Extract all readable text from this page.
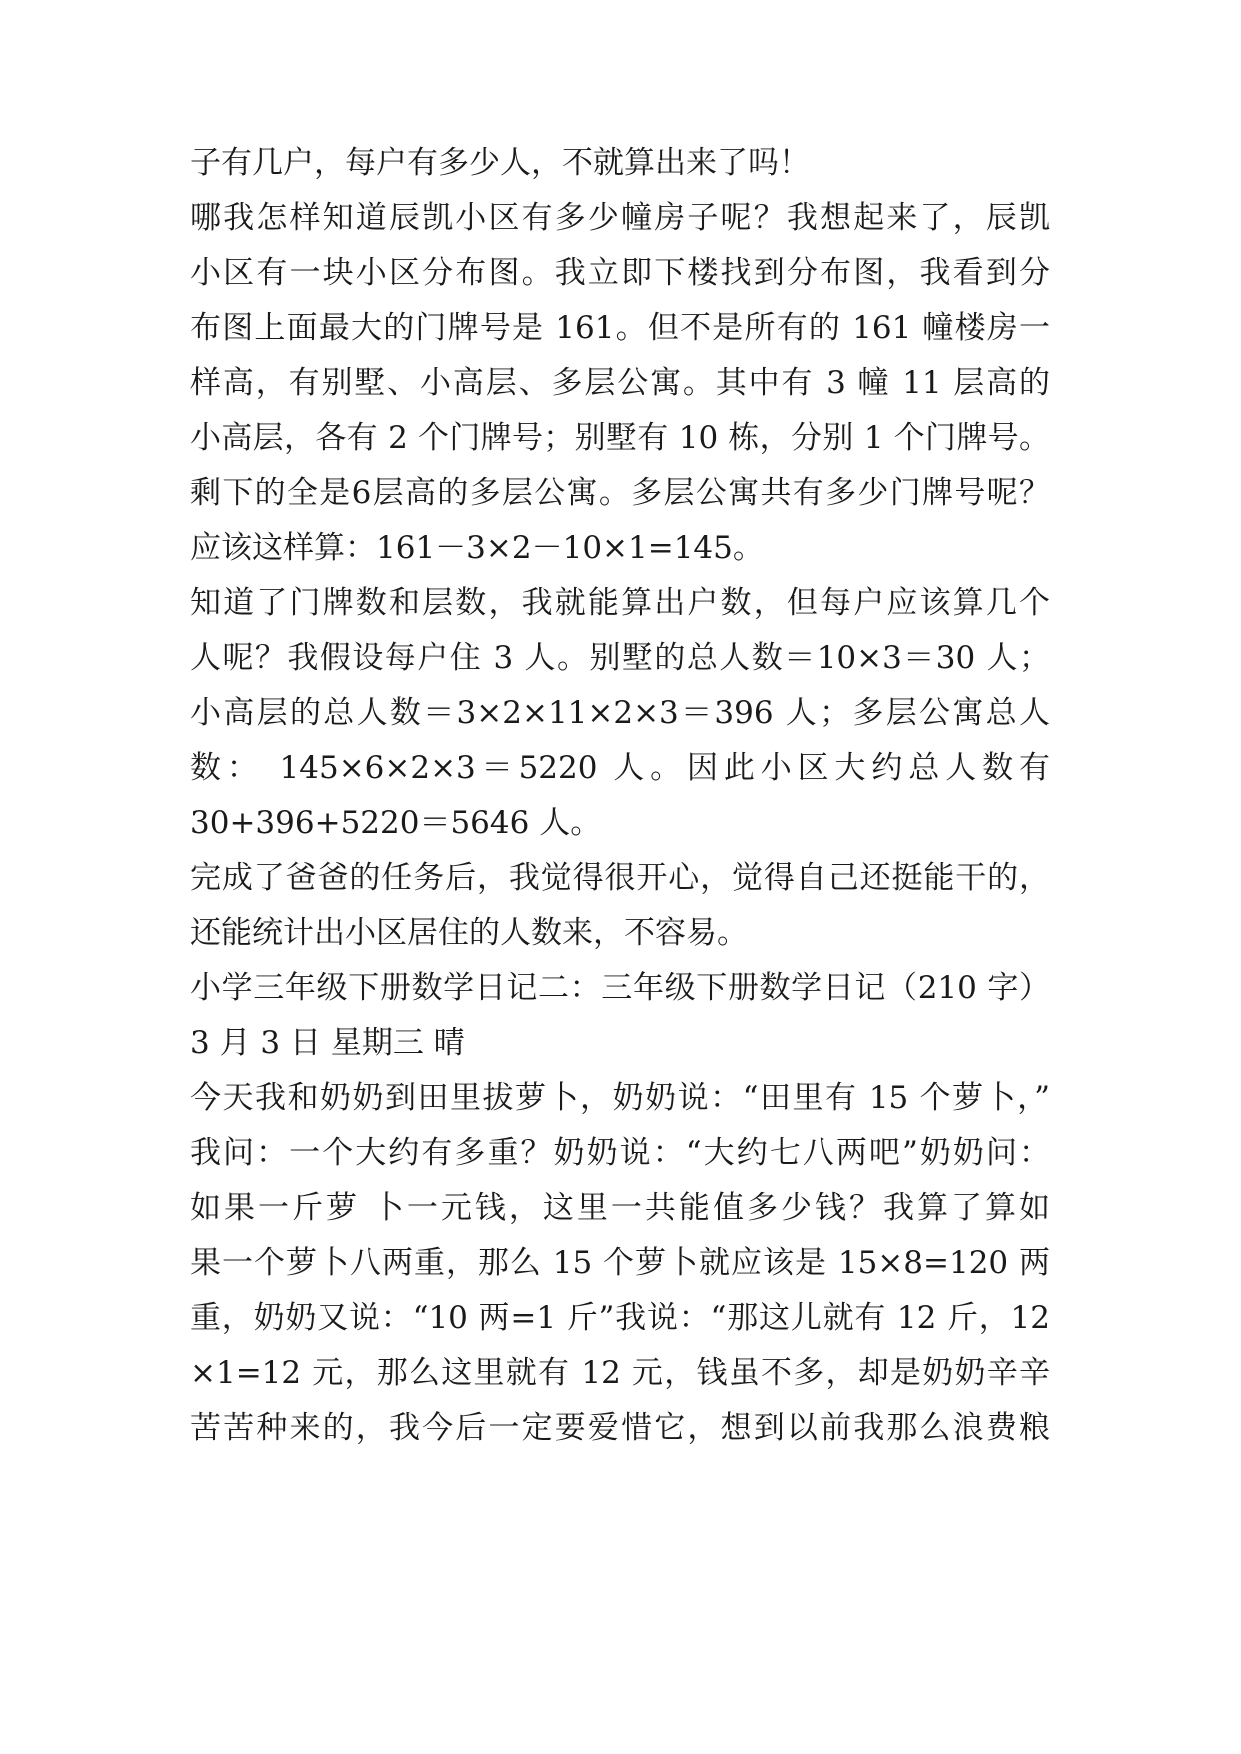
子有几户，每户有多少人，不就算出来了吗！
哪我怎样知道辰凯小区有多少幢房子呢？我想起来了，辰凯
小区有一块小区分布图。我立即下楼找到分布图，我看到分
布图上面最大的门牌号是 161。但不是所有的 161 幢楼房一
样高，有别墅、小高层、多层公寓。其中有 3 幢 11 层高的
小高层，各有 2 个门牌号；别墅有 10 栋，分别 1 个门牌号。
剩下的全是6层高的多层公寓。多层公寓共有多少门牌号呢？
应该这样算：161－3×2－10×1=145。
知道了门牌数和层数，我就能算出户数，但每户应该算几个
人呢？我假设每户住 3 人。别墅的总人数＝10×3＝30 人；
小高层的总人数＝3×2×11×2×3＝396 人；多层公寓总人
数： 145×6×2×3＝5220 人。因此小区大约总人数有
30+396+5220＝5646 人。
完成了爸爸的任务后，我觉得很开心，觉得自己还挺能干的，
还能统计出小区居住的人数来，不容易。
小学三年级下册数学日记二：三年级下册数学日记（210 字）
3 月 3 日 星期三 晴
今天我和奶奶到田里拔萝卜，奶奶说：“田里有 15 个萝卜，”
我问：一个大约有多重？奶奶说：“大约七八两吧”奶奶问：
如果一斤萝 卜一元钱，这里一共能值多少钱？我算了算如
果一个萝卜八两重，那么 15 个萝卜就应该是 15×8=120 两
重，奶奶又说：“10 两=1 斤”我说：“那这儿就有 12 斤，12
×1=12 元，那么这里就有 12 元，钱虽不多，却是奶奶辛辛
苦苦种来的，我今后一定要爱惜它，想到以前我那么浪费粮
